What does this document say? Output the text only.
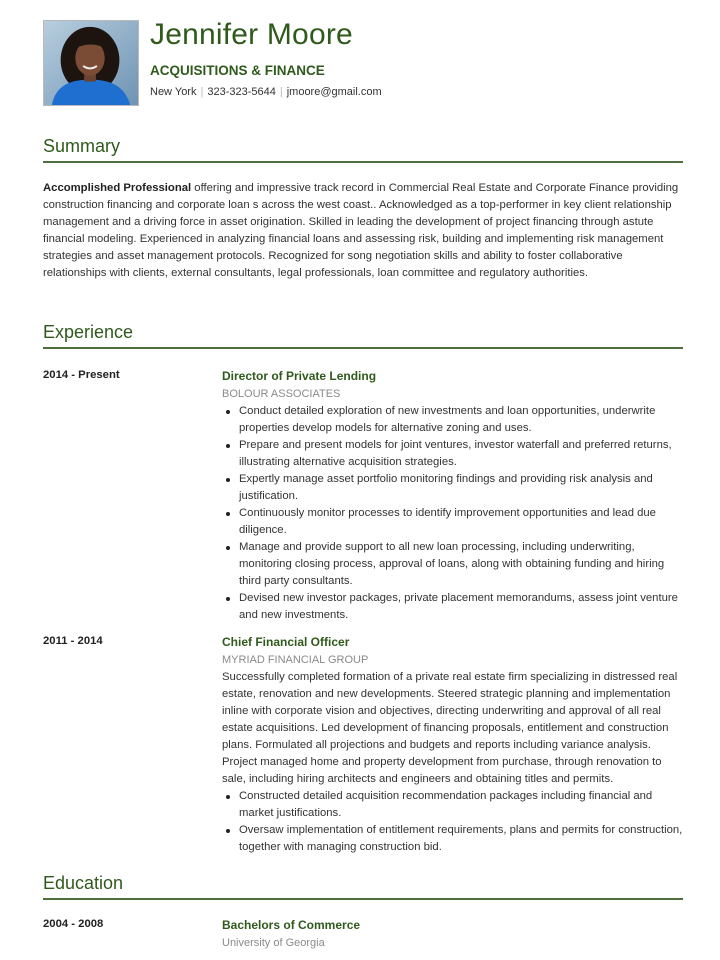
Jennifer Moore
ACQUISITIONS & FINANCE
New York | 323-323-5644 | jmoore@gmail.com
Summary

Accomplished Professional offering and impressive track record in Commercial Real Estate and Corporate Finance providing construction financing and corporate loan s across the west coast.. Acknowledged as a top-performer in key client relationship management and a driving force in asset origination. Skilled in leading the development of project financing through astute financial modeling. Experienced in analyzing financial loans and assessing risk, building and implementing risk management strategies and asset management protocols. Recognized for song negotiation skills and ability to foster collaborative relationships with clients, external consultants, legal professionals, loan committee and regulatory authorities.

Experience
2014 - Present	Director of Private Lending
BOLOUR ASSOCIATES
Conduct detailed exploration of new investments and loan opportunities, underwrite properties develop models for alternative zoning and uses.
Prepare and present models for joint ventures, investor waterfall and preferred returns, illustrating alternative acquisition strategies.
Expertly manage asset portfolio monitoring findings and providing risk analysis and justification.
Continuously monitor processes to identify improvement opportunities and lead due diligence.
Manage and provide support to all new loan processing, including underwriting, monitoring closing process, approval of loans, along with obtaining funding and hiring third party consultants.
Devised new investor packages, private placement memorandums, assess joint venture and new investments.
2011 - 2014	Chief Financial Officer
MYRIAD FINANCIAL GROUP

Successfully completed formation of a private real estate firm specializing in distressed real estate, renovation and new developments. Steered strategic planning and implementation inline with corporate vision and objectives, directing underwriting and approval of all real estate acquisitions. Led development of financing proposals, entitlement and construction plans. Formulated all projections and budgets and reports including variance analysis. Project managed home and property development from purchase, through renovation to sale, including hiring architects and engineers and obtaining titles and permits.

Constructed detailed acquisition recommendation packages including financial and market justifications.
Oversaw implementation of entitlement requirements, plans and permits for construction, together with managing construction bid.
Education
2004 - 2008	Bachelors of Commerce
University of Georgia
